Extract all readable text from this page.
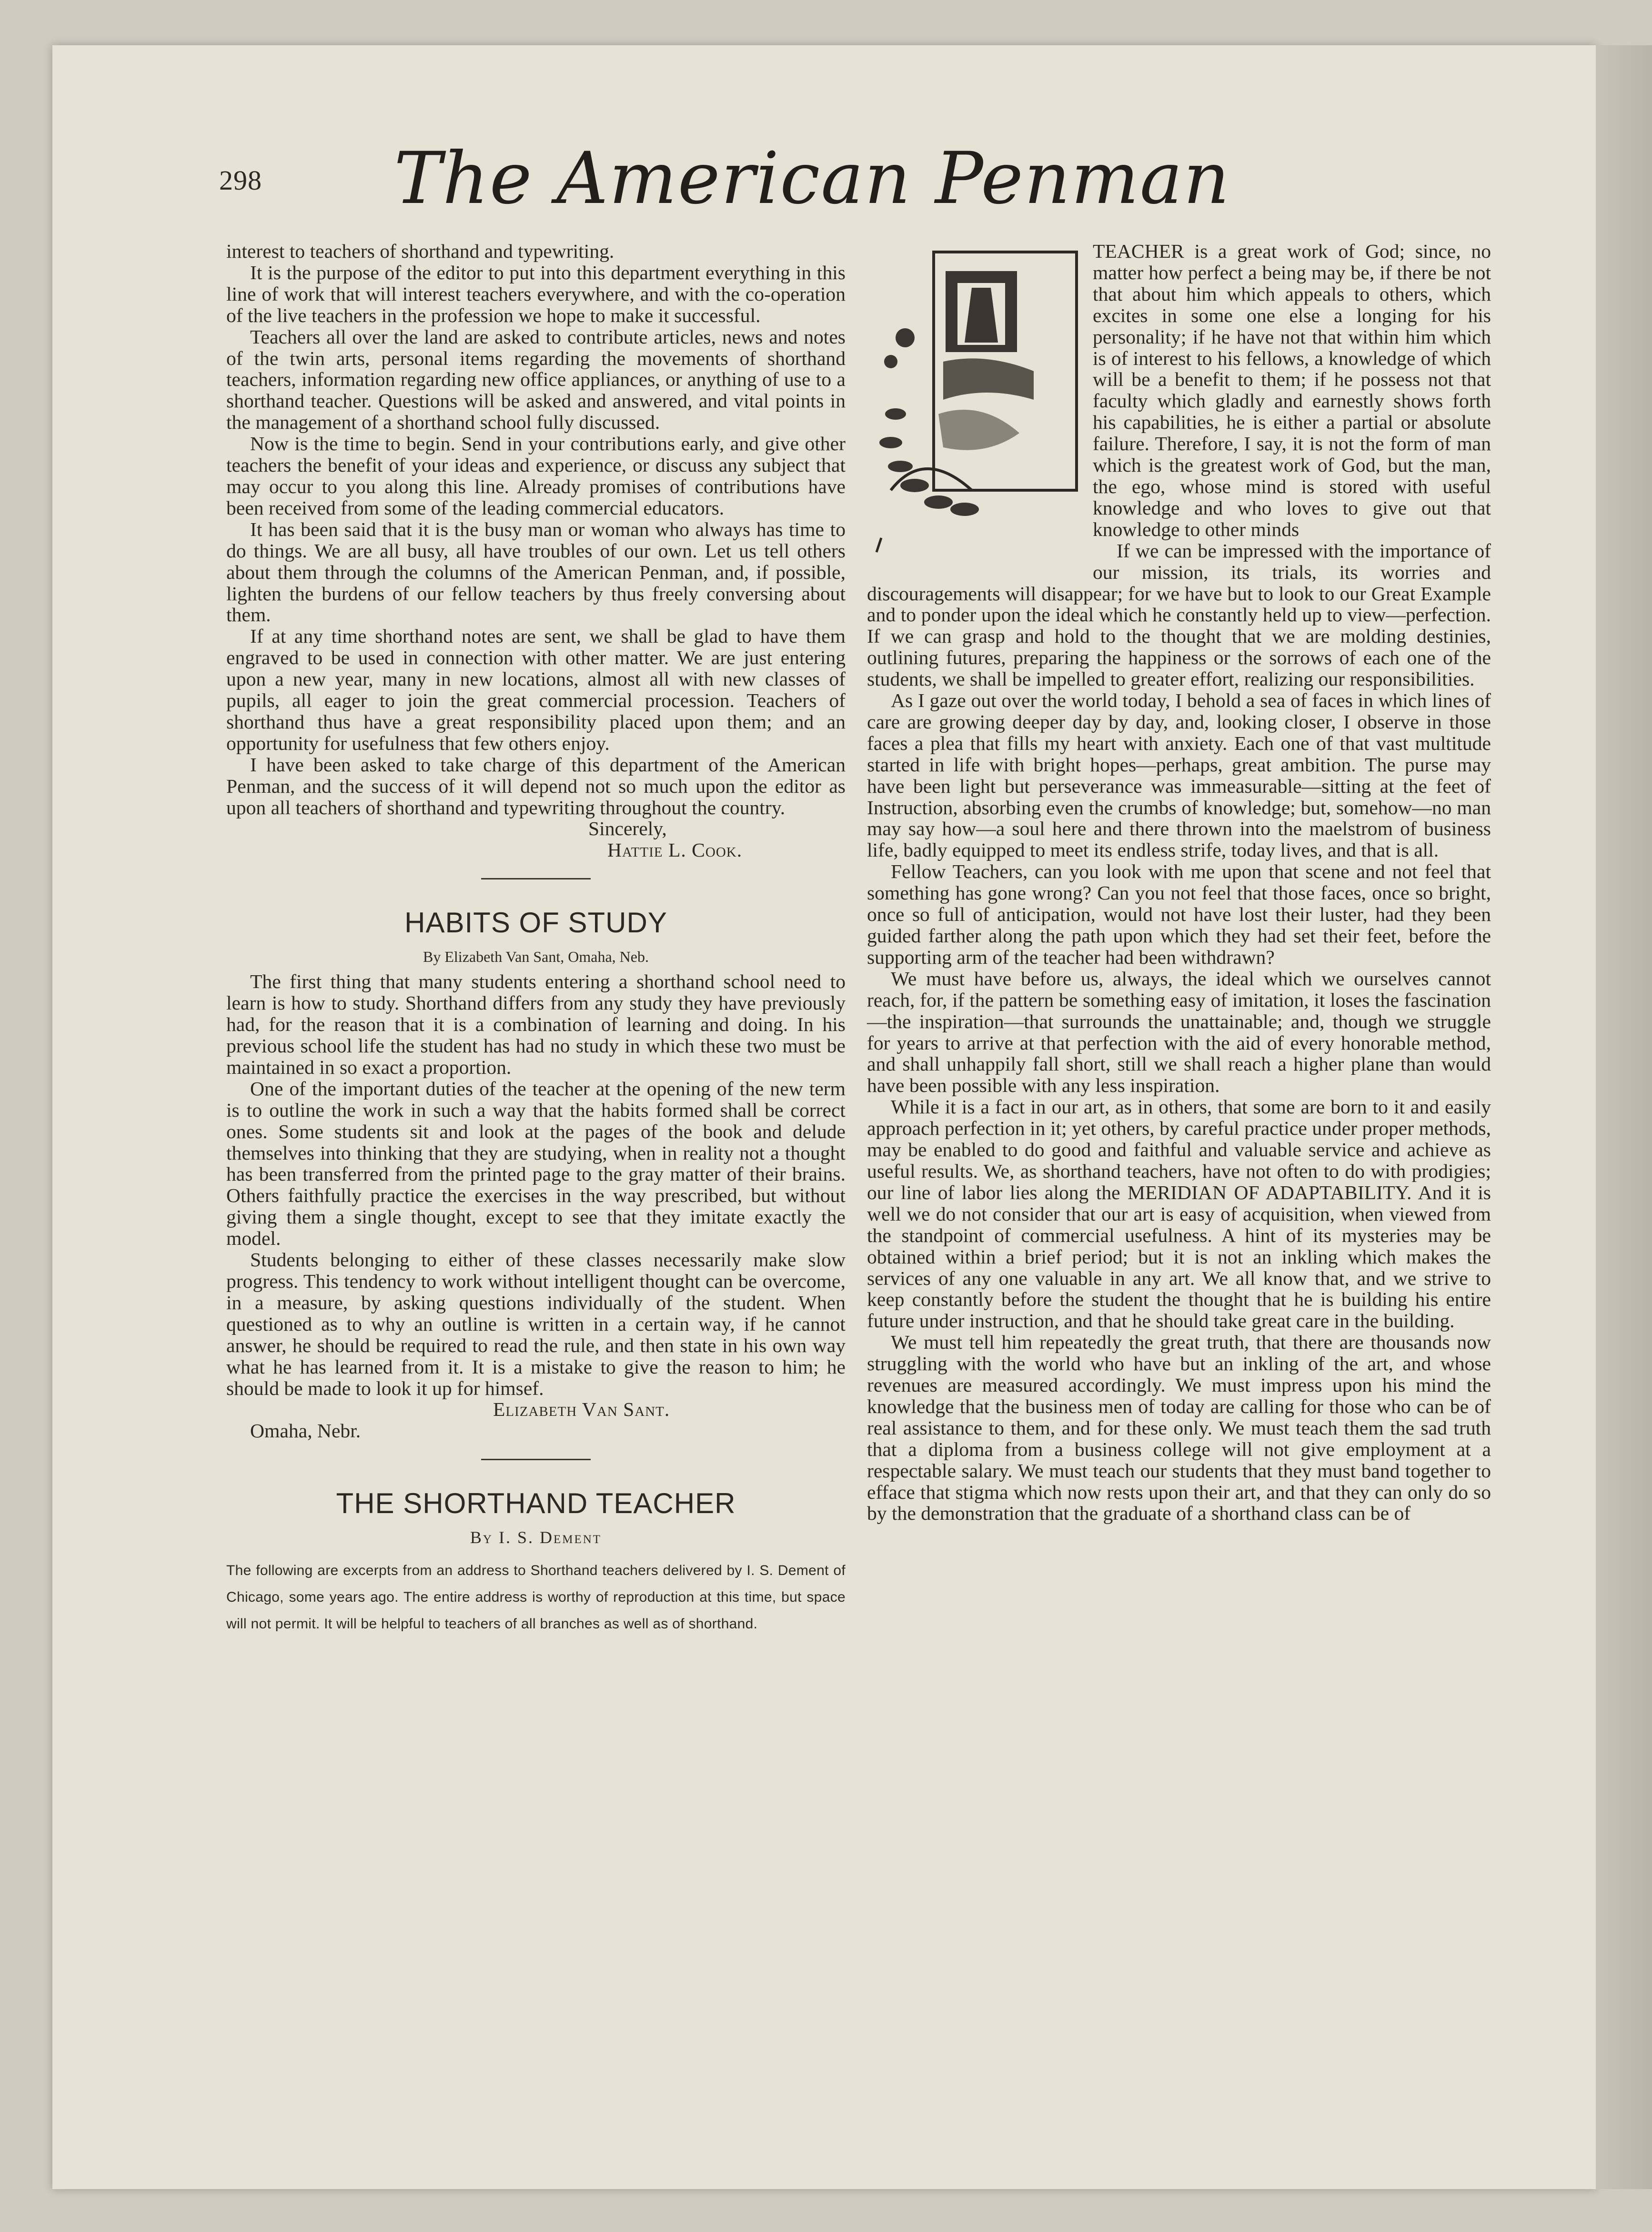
298	The American Penman

interest to teachers of shorthand and typewriting.

It is the purpose of the editor to put into this department everything in this line of work that will interest teachers everywhere, and with the co-operation of the live teachers in the profession we hope to make it successful.

Teachers all over the land are asked to contribute articles, news and notes of the twin arts, personal items regarding the movements of shorthand teachers, information regarding new office appliances, or anything of use to a shorthand teacher. Questions will be asked and answered, and vital points in the management of a shorthand school fully discussed.

Now is the time to begin. Send in your contributions early, and give other teachers the benefit of your ideas and experience, or discuss any subject that may occur to you along this line. Already promises of contributions have been received from some of the leading commercial educators.

It has been said that it is the busy man or woman who always has time to do things. We are all busy, all have troubles of our own. Let us tell others about them through the columns of the American Penman, and, if possible, lighten the burdens of our fellow teachers by thus freely conversing about them.

If at any time shorthand notes are sent, we shall be glad to have them engraved to be used in connection with other matter. We are just entering upon a new year, many in new locations, almost all with new classes of pupils, all eager to join the great commercial procession. Teachers of shorthand thus have a great responsibility placed upon them; and an opportunity for usefulness that few others enjoy.

I have been asked to take charge of this department of the American Penman, and the success of it will depend not so much upon the editor as upon all teachers of shorthand and typewriting throughout the country.

Sincerely,
Hattie L. Cook.
HABITS OF STUDY
By Elizabeth Van Sant, Omaha, Neb.

The first thing that many students entering a shorthand school need to learn is how to study. Shorthand differs from any study they have previously had, for the reason that it is a combination of learning and doing. In his previous school life the student has had no study in which these two must be maintained in so exact a proportion.

One of the important duties of the teacher at the opening of the new term is to outline the work in such a way that the habits formed shall be correct ones. Some students sit and look at the pages of the book and delude themselves into thinking that they are studying, when in reality not a thought has been transferred from the printed page to the gray matter of their brains. Others faithfully practice the exercises in the way prescribed, but without giving them a single thought, except to see that they imitate exactly the model.

Students belonging to either of these classes necessarily make slow progress. This tendency to work without intelligent thought can be overcome, in a measure, by asking questions individually of the student. When questioned as to why an outline is written in a certain way, if he cannot answer, he should be required to read the rule, and then state in his own way what he has learned from it. It is a mistake to give the reason to him; he should be made to look it up for himsef.

Elizabeth Van Sant.

Omaha, Nebr.

THE SHORTHAND TEACHER
By I. S. Dement
The following are excerpts from an address to Shorthand teachers delivered by I. S. Dement of Chicago, some years ago. The entire address is worthy of reproduction at this time, but space will not permit. It will be helpful to teachers of all branches as well as of shorthand.

TEACHER is a great work of God; since, no matter how perfect a being may be, if there be not that about him which appeals to others, which excites in some one else a longing for his personality; if he have not that within him which is of interest to his fellows, a knowledge of which will be a benefit to them; if he possess not that faculty which gladly and earnestly shows forth his capabilities, he is either a partial or absolute failure. Therefore, I say, it is not the form of man which is the greatest work of God, but the man, the ego, whose mind is stored with useful knowledge and who loves to give out that knowledge to other minds

If we can be impressed with the importance of our mission, its trials, its worries and discouragements will disappear; for we have but to look to our Great Example and to ponder upon the ideal which he constantly held up to view—perfection. If we can grasp and hold to the thought that we are molding destinies, outlining futures, preparing the happiness or the sorrows of each one of the students, we shall be impelled to greater effort, realizing our responsibilities.

As I gaze out over the world today, I behold a sea of faces in which lines of care are growing deeper day by day, and, looking closer, I observe in those faces a plea that fills my heart with anxiety. Each one of that vast multitude started in life with bright hopes—perhaps, great ambition. The purse may have been light but perseverance was immeasurable—sitting at the feet of Instruction, absorbing even the crumbs of knowledge; but, somehow—no man may say how—a soul here and there thrown into the maelstrom of business life, badly equipped to meet its endless strife, today lives, and that is all.

Fellow Teachers, can you look with me upon that scene and not feel that something has gone wrong? Can you not feel that those faces, once so bright, once so full of anticipation, would not have lost their luster, had they been guided farther along the path upon which they had set their feet, before the supporting arm of the teacher had been withdrawn?

We must have before us, always, the ideal which we ourselves cannot reach, for, if the pattern be something easy of imitation, it loses the fascination—the inspiration—that surrounds the unattainable; and, though we struggle for years to arrive at that perfection with the aid of every honorable method, and shall unhappily fall short, still we shall reach a higher plane than would have been possible with any less inspiration.

While it is a fact in our art, as in others, that some are born to it and easily approach perfection in it; yet others, by careful practice under proper methods, may be enabled to do good and faithful and valuable service and achieve as useful results. We, as shorthand teachers, have not often to do with prodigies; our line of labor lies along the MERIDIAN OF ADAPTABILITY. And it is well we do not consider that our art is easy of acquisition, when viewed from the standpoint of commercial usefulness. A hint of its mysteries may be obtained within a brief period; but it is not an inkling which makes the services of any one valuable in any art. We all know that, and we strive to keep constantly before the student the thought that he is building his entire future under instruction, and that he should take great care in the building.

We must tell him repeatedly the great truth, that there are thousands now struggling with the world who have but an inkling of the art, and whose revenues are measured accordingly. We must impress upon his mind the knowledge that the business men of today are calling for those who can be of real assistance to them, and for these only. We must teach them the sad truth that a diploma from a business college will not give employment at a respectable salary. We must teach our students that they must band together to efface that stigma which now rests upon their art, and that they can only do so by the demonstration that the graduate of a shorthand class can be of
